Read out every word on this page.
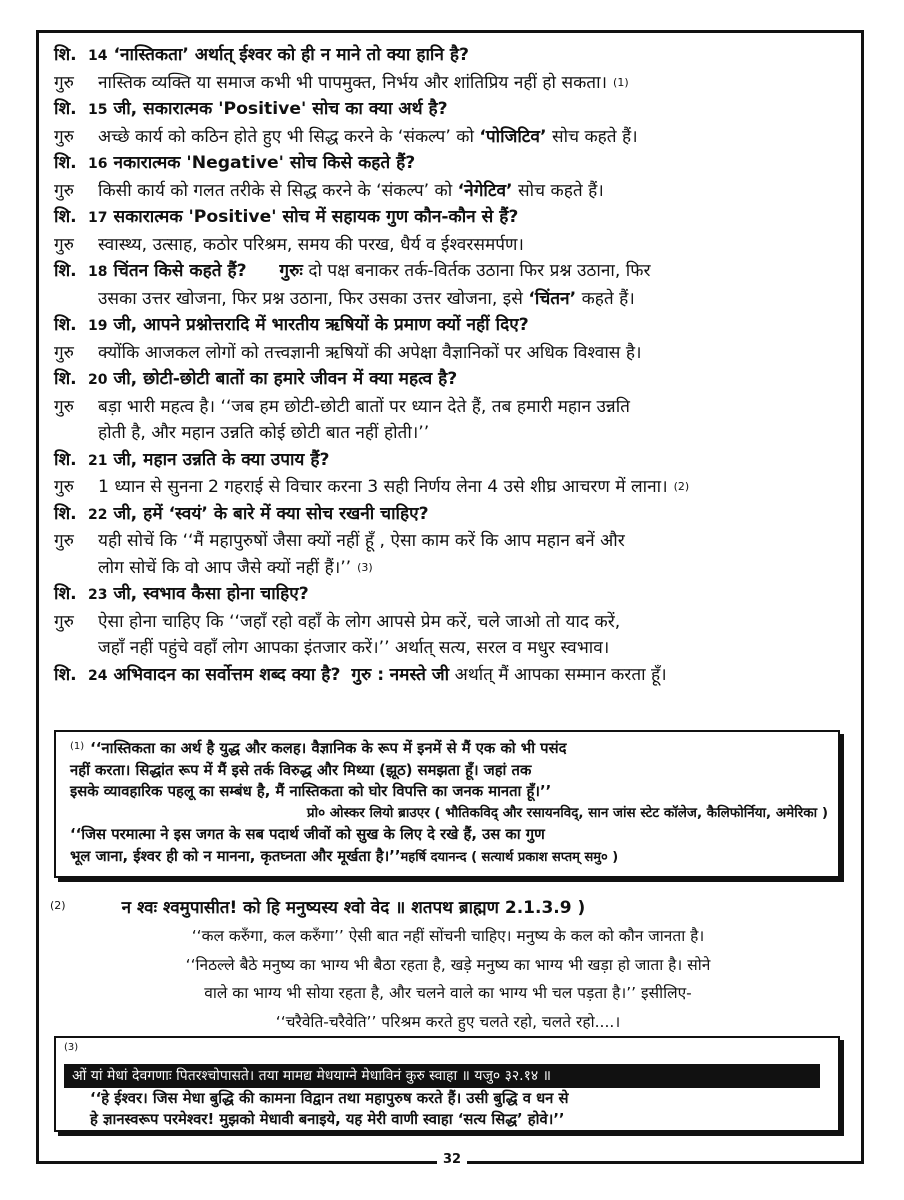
शि. 14 ‘नास्तिकता’ अर्थात् ईश्वर को ही न माने तो क्या हानि है?
गुरु नास्तिक व्यक्ति या समाज कभी भी पापमुक्त, निर्भय और शांतिप्रिय नहीं हो सकता। (1)
शि. 15 जी, सकारात्मक 'Positive' सोच का क्या अर्थ है?
गुरु अच्छे कार्य को कठिन होते हुए भी सिद्ध करने के ‘संकल्प’ को ‘पोजिटिव’ सोच कहते हैं।
शि. 16 नकारात्मक 'Negative' सोच किसे कहते हैं?
गुरु किसी कार्य को गलत तरीके से सिद्ध करने के ‘संकल्प’ को ‘नेगेटिव’ सोच कहते हैं।
शि. 17 सकारात्मक 'Positive' सोच में सहायक गुण कौन-कौन से हैं?
गुरु स्वास्थ्य, उत्साह, कठोर परिश्रम, समय की परख, धैर्य व ईश्वरसमर्पण।
शि. 18 चिंतन किसे कहते हैं? गुरुः दो पक्ष बनाकर तर्क-विर्तक उठाना फिर प्रश्न उठाना, फिर
उसका उत्तर खोजना, फिर प्रश्न उठाना, फिर उसका उत्तर खोजना, इसे ‘चिंतन’ कहते हैं।
शि. 19 जी, आपने प्रश्नोत्तरादि में भारतीय ऋषियों के प्रमाण क्यों नहीं दिए?
गुरु क्योंकि आजकल लोगों को तत्त्वज्ञानी ऋषियों की अपेक्षा वैज्ञानिकों पर अधिक विश्वास है।
शि. 20 जी, छोटी-छोटी बातों का हमारे जीवन में क्या महत्व है?
गुरु बड़ा भारी महत्व है। ‘‘जब हम छोटी-छोटी बातों पर ध्यान देते हैं, तब हमारी महान उन्नति
होती है, और महान उन्नति कोई छोटी बात नहीं होती।’’
शि. 21 जी, महान उन्नति के क्या उपाय हैं?
गुरु 1 ध्यान से सुनना 2 गहराई से विचार करना 3 सही निर्णय लेना 4 उसे शीघ्र आचरण में लाना। (2)
शि. 22 जी, हमें ‘स्वयं’ के बारे में क्या सोच रखनी चाहिए?
गुरु यही सोचें कि ‘‘मैं महापुरुषों जैसा क्यों नहीं हूँ , ऐसा काम करें कि आप महान बनें और
लोग सोचें कि वो आप जैसे क्यों नहीं हैं।’’ (3)
शि. 23 जी, स्वभाव कैसा होना चाहिए?
गुरु ऐसा होना चाहिए कि ‘‘जहाँ रहो वहाँ के लोग आपसे प्रेम करें, चले जाओ तो याद करें,
जहाँ नहीं पहुंचे वहाँ लोग आपका इंतजार करें।’’ अर्थात् सत्य, सरल व मधुर स्वभाव।
शि. 24 अभिवादन का सर्वोत्तम शब्द क्या है? गुरु : नमस्ते जी अर्थात् मैं आपका सम्मान करता हूँ।
$^{(1)}$ ‘‘नास्तिकता का अर्थ है युद्ध और कलह। वैज्ञानिक के रूप में इनमें से मैं एक को भी पसंद
नहीं करता। सिद्धांत रूप में मैं इसे तर्क विरुद्ध और मिथ्या (झूठ) समझता हूँ। जहां तक
इसके व्यावहारिक पहलू का सम्बंध है, मैं नास्तिकता को घोर विपत्ति का जनक मानता हूँ।’’
प्रो० ओस्कर लियो ब्राउएर ( भौतिकविद् और रसायनविद्, सान जांस स्टेट कॉलेज, कैलिफोर्निया, अमेरिका )
‘‘जिस परमात्मा ने इस जगत के सब पदार्थ जीवों को सुख के लिए दे रखे हैं, उस का गुण
भूल जाना, ईश्वर ही को न मानना, कृतघ्नता और मूर्खता है।’’महर्षि दयानन्द ( सत्यार्थ प्रकाश सप्तम् समु० )
$^{(2)}$	न श्वः श्वमुपासीत! को हि मनुष्यस्य श्वो वेद ॥ शतपथ ब्राह्मण 2.1.3.9 )
‘‘कल करुँगा, कल करुँगा’’ ऐसी बात नहीं सोंचनी चाहिए। मनुष्य के कल को कौन जानता है।
‘‘निठल्ले बैठे मनुष्य का भाग्य भी बैठा रहता है, खड़े मनुष्य का भाग्य भी खड़ा हो जाता है। सोने
वाले का भाग्य भी सोया रहता है, और चलने वाले का भाग्य भी चल पड़ता है।’’ इसीलिए-
‘‘चरैवेति-चरैवेति’’ परिश्रम करते हुए चलते रहो, चलते रहो....।
$^{(3)}$ओं यां मेधां देवगणाः पितरश्चोपासते। तया मामद्य मेधयाग्ने मेधाविनं कुरु स्वाहा ॥ यजु० ३२.१४ ॥
‘‘हे ईश्वर। जिस मेधा बुद्धि की कामना विद्वान तथा महापुरुष करते हैं। उसी बुद्धि व धन से
हे ज्ञानस्वरूप परमेश्वर! मुझको मेधावी बनाइये, यह मेरी वाणी स्वाहा ‘सत्य सिद्ध’ होवे।’’
32
